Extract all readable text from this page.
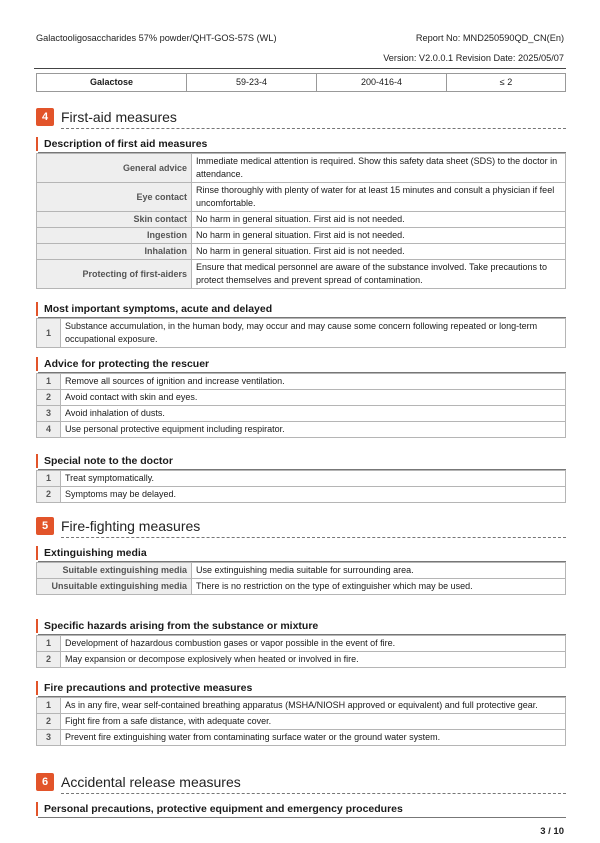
Galactooligosaccharides 57% powder/QHT-GOS-57S (WL)	Report No: MND250590QD_CN(En)
Version: V2.0.0.1 Revision Date: 2025/05/07
Galactose	59-23-4	200-416-4	≤ 2
4 First-aid measures
Description of first aid measures
General advice	Immediate medical attention is required. Show this safety data sheet (SDS) to the doctor in attendance.
Eye contact	Rinse thoroughly with plenty of water for at least 15 minutes and consult a physician if feel uncomfortable.
Skin contact	No harm in general situation. First aid is not needed.
Ingestion	No harm in general situation. First aid is not needed.
Inhalation	No harm in general situation. First aid is not needed.
Protecting of first-aiders	Ensure that medical personnel are aware of the substance involved. Take precautions to protect themselves and prevent spread of contamination.
Most important symptoms, acute and delayed
1	Substance accumulation, in the human body, may occur and may cause some concern following repeated or long-term occupational exposure.
Advice for protecting the rescuer
1	Remove all sources of ignition and increase ventilation.
2	Avoid contact with skin and eyes.
3	Avoid inhalation of dusts.
4	Use personal protective equipment including respirator.
Special note to the doctor
1	Treat symptomatically.
2	Symptoms may be delayed.
5 Fire-fighting measures
Extinguishing media
Suitable extinguishing media	Use extinguishing media suitable for surrounding area.
Unsuitable extinguishing media	There is no restriction on the type of extinguisher which may be used.
Specific hazards arising from the substance or mixture
1	Development of hazardous combustion gases or vapor possible in the event of fire.
2	May expansion or decompose explosively when heated or involved in fire.
Fire precautions and protective measures
1	As in any fire, wear self-contained breathing apparatus (MSHA/NIOSH approved or equivalent) and full protective gear.
2	Fight fire from a safe distance, with adequate cover.
3	Prevent fire extinguishing water from contaminating surface water or the ground water system.
6 Accidental release measures
Personal precautions, protective equipment and emergency procedures
3 / 10
